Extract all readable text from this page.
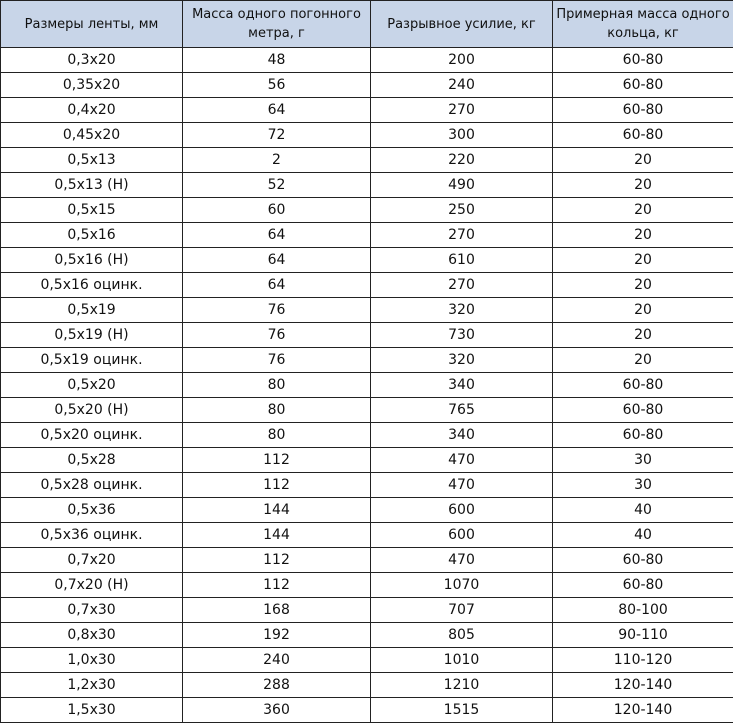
Размеры ленты, мм	Масса одного погонного метра, г	Разрывное усилие, кг	Примерная масса одного кольца, кг
0,3x20	48	200	60-80
0,35x20	56	240	60-80
0,4x20	64	270	60-80
0,45x20	72	300	60-80
0,5x13	2	220	20
0,5x13 (H)	52	490	20
0,5x15	60	250	20
0,5x16	64	270	20
0,5x16 (H)	64	610	20
0,5x16 оцинк.	64	270	20
0,5x19	76	320	20
0,5x19 (H)	76	730	20
0,5x19 оцинк.	76	320	20
0,5x20	80	340	60-80
0,5x20 (H)	80	765	60-80
0,5x20 оцинк.	80	340	60-80
0,5x28	112	470	30
0,5x28 оцинк.	112	470	30
0,5x36	144	600	40
0,5x36 оцинк.	144	600	40
0,7x20	112	470	60-80
0,7x20 (H)	112	1070	60-80
0,7x30	168	707	80-100
0,8x30	192	805	90-110
1,0x30	240	1010	110-120
1,2x30	288	1210	120-140
1,5x30	360	1515	120-140
